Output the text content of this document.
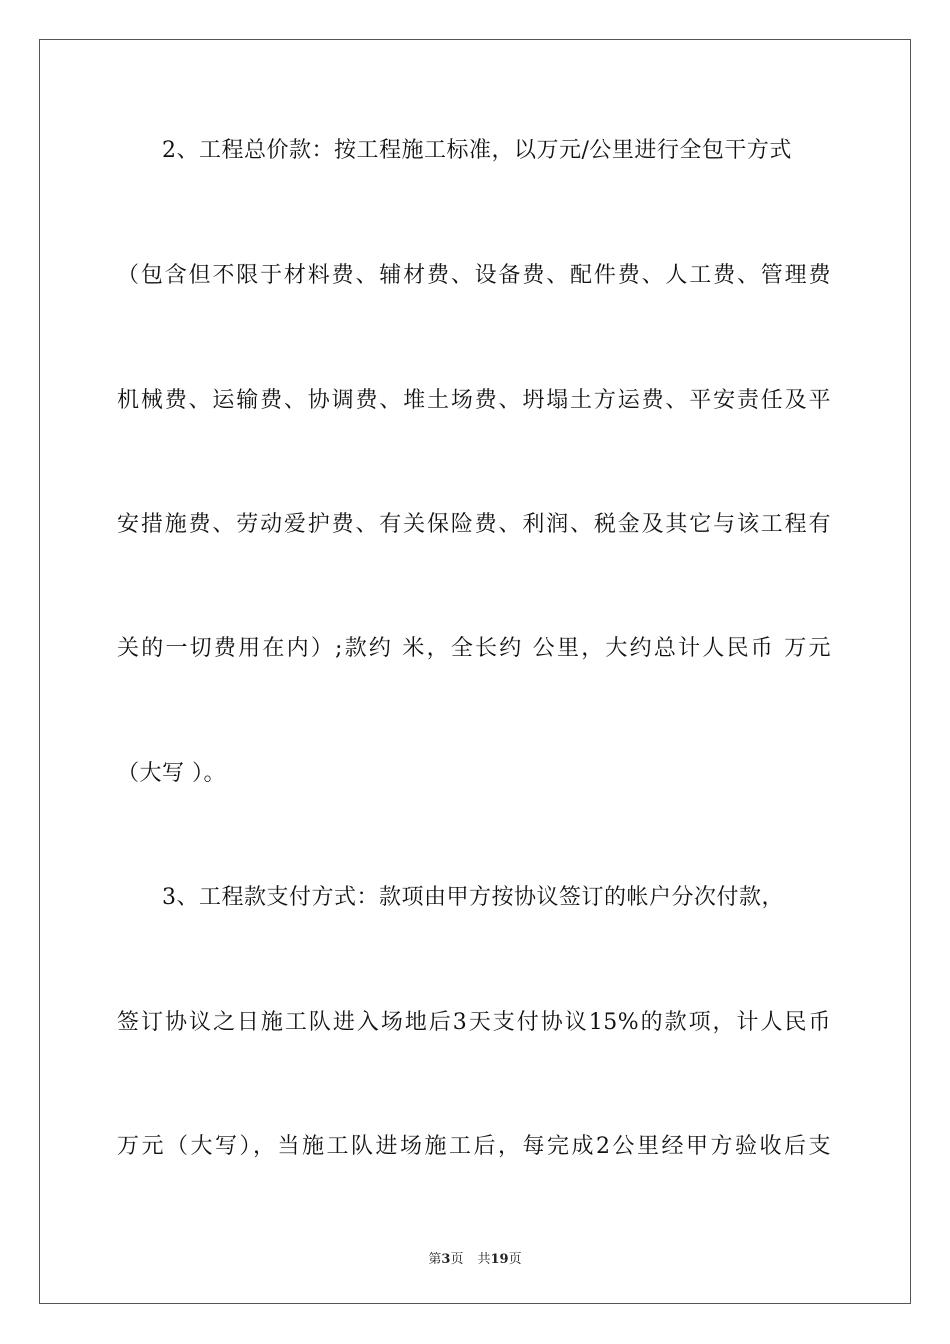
　　2、工程总价款：按工程施工标准，以万元/公里进行全包干方式
（包含但不限于材料费、辅材费、设备费、配件费、人工费、管理费
机械费、运输费、协调费、堆土场费、坍塌土方运费、平安责任及平
安措施费、劳动爱护费、有关保险费、利润、税金及其它与该工程有
关的一切费用在内）;款约 米，全长约 公里，大约总计人民币 万元
（大写 ）。
　　3、工程款支付方式：款项由甲方按协议签订的帐户分次付款，
签订协议之日施工队进入场地后3天支付协议15%的款项，计人民币
万元（大写），当施工队进场施工后，每完成2公里经甲方验收后支
第3页 共19页
